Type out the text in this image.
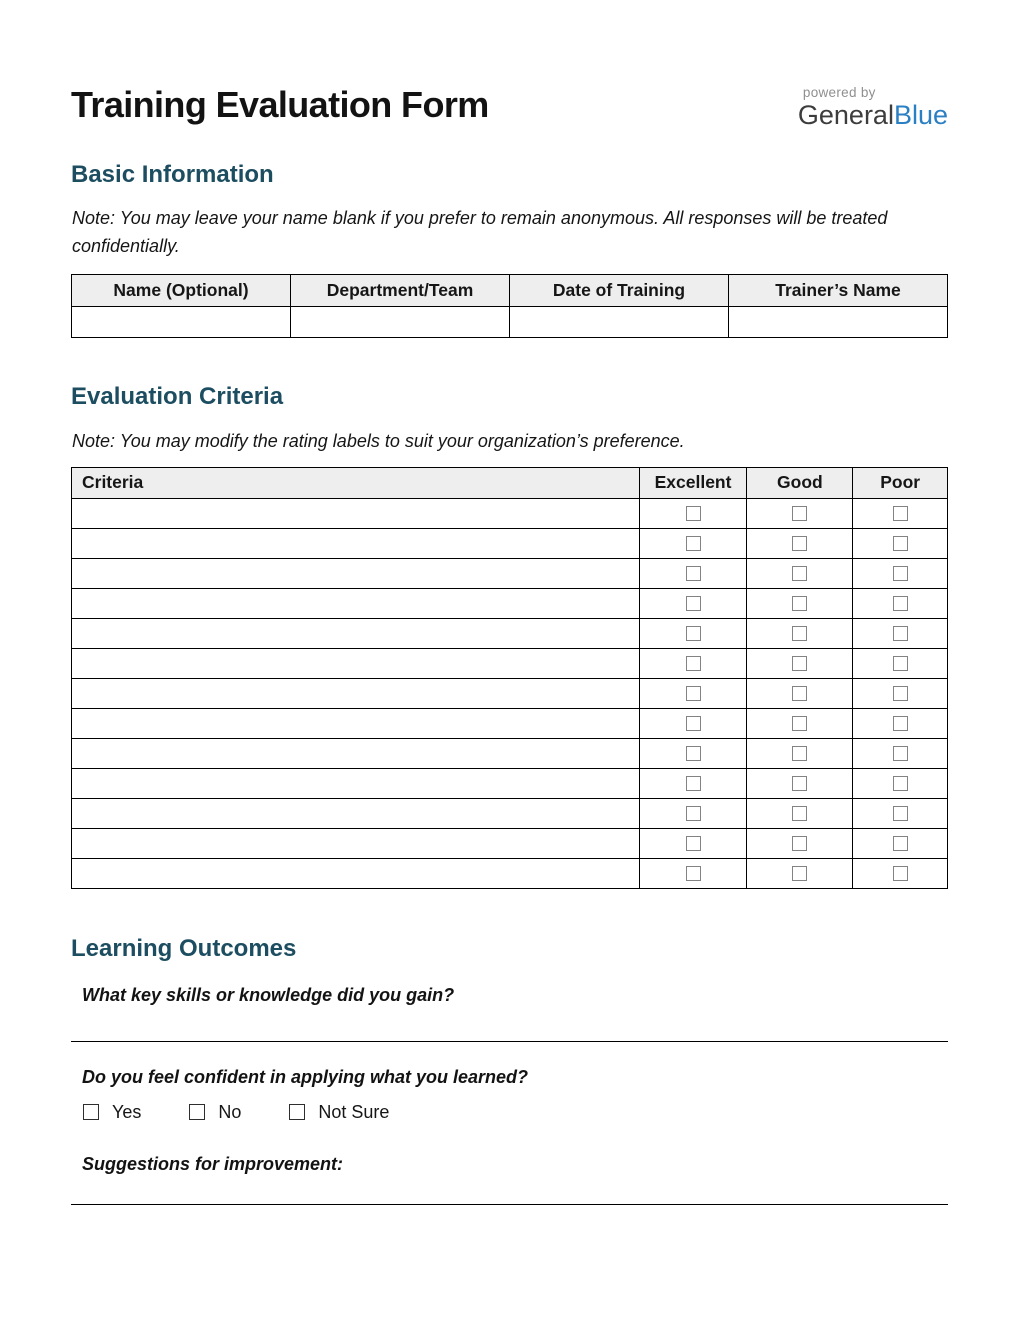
Training Evaluation Form	powered by
GeneralBlue
Basic Information

Note: You may leave your name blank if you prefer to remain anonymous. All responses will be treated confidentially.

Name (Optional)	Department/Team	Date of Training	Trainer’s Name

Evaluation Criteria

Note: You may modify the rating labels to suit your organization’s preference.

Criteria	Excellent	Good	Poor

Learning Outcomes

What key skills or knowledge did you gain?

Do you feel confident in applying what you learned?

Yes	No	Not Sure

Suggestions for improvement:
